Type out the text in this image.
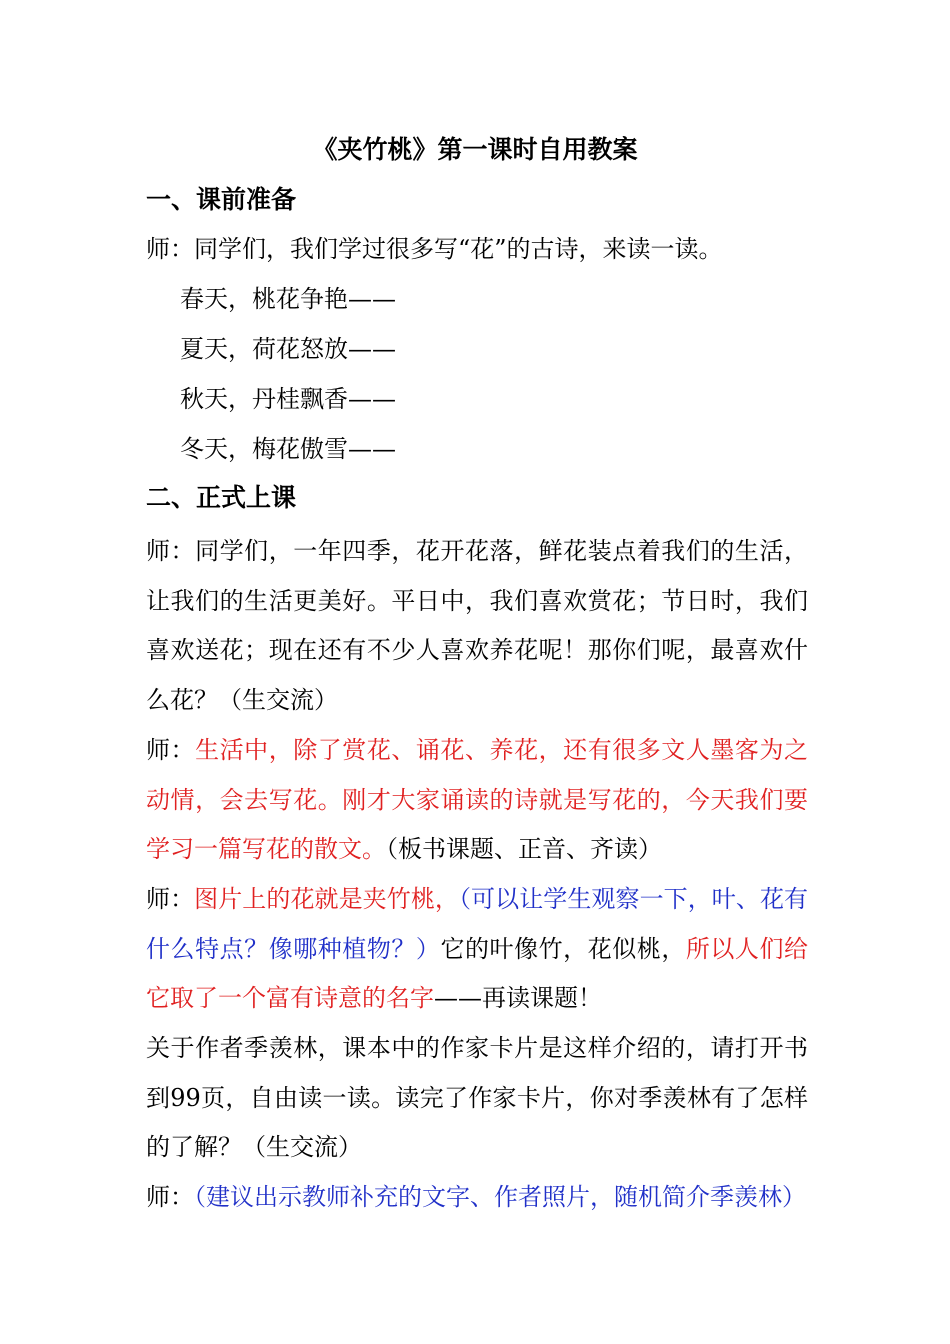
《夹竹桃》第一课时自用教案
一、课前准备
师：同学们，我们学过很多写“花”的古诗，来读一读。
春天，桃花争艳——
夏天，荷花怒放——
秋天，丹桂飘香——
冬天，梅花傲雪——
二、正式上课
师：同学们，一年四季，花开花落，鲜花装点着我们的生活，让我们的生活更美好。平日中，我们喜欢赏花；节日时，我们喜欢送花；现在还有不少人喜欢养花呢！那你们呢，最喜欢什么花？（生交流）
师：生活中，除了赏花、诵花、养花，还有很多文人墨客为之动情，会去写花。刚才大家诵读的诗就是写花的，今天我们要学习一篇写花的散文。（板书课题、正音、齐读）
师：图片上的花就是夹竹桃，（可以让学生观察一下，叶、花有什么特点？像哪种植物？）它的叶像竹，花似桃，所以人们给它取了一个富有诗意的名字——再读课题！
关于作者季羡林，课本中的作家卡片是这样介绍的，请打开书到99页，自由读一读。读完了作家卡片，你对季羡林有了怎样的了解？（生交流）
师：（建议出示教师补充的文字、作者照片，随机简介季羡林）
